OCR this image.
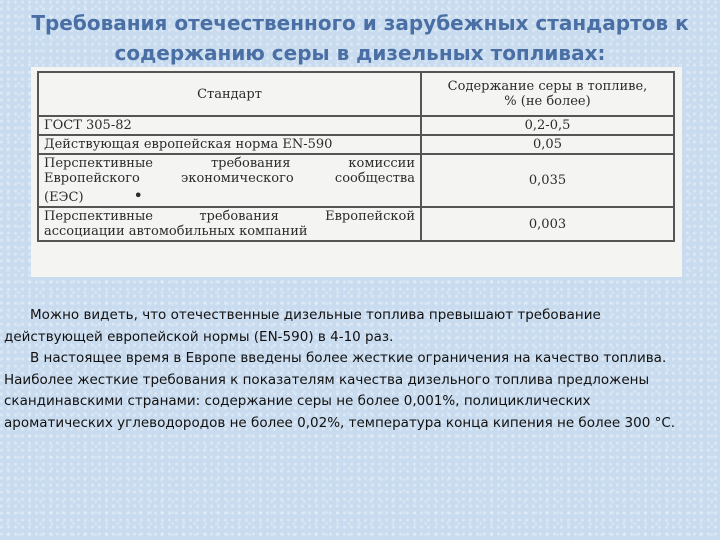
Требования отечественного и зарубежных стандартов к
содержанию серы в дизельных топливах:
Стандарт	Содержание серы в топливе,
% (не более)

ГОСТ 305-82	0,2-0,5
Действующая европейская норма EN-590	0,05

Перспективные требования комиссии
Европейского экономического сообщества
(ЕЭС) •	0,035

Перспективные требования Европейской
ассоциации автомобильных компаний	0,003

Можно видеть, что отечественные дизельные топлива превышают требование действующей европейской нормы (EN-590) в 4-10 раз.

В настоящее время в Европе введены более жесткие ограничения на качество топлива. Наиболее жесткие требования к показателям качества дизельного топлива предложены скандинавскими странами: содержание серы не более 0,001%, полициклических ароматических углеводородов не более 0,02%, температура конца кипения не более 300 °С.
